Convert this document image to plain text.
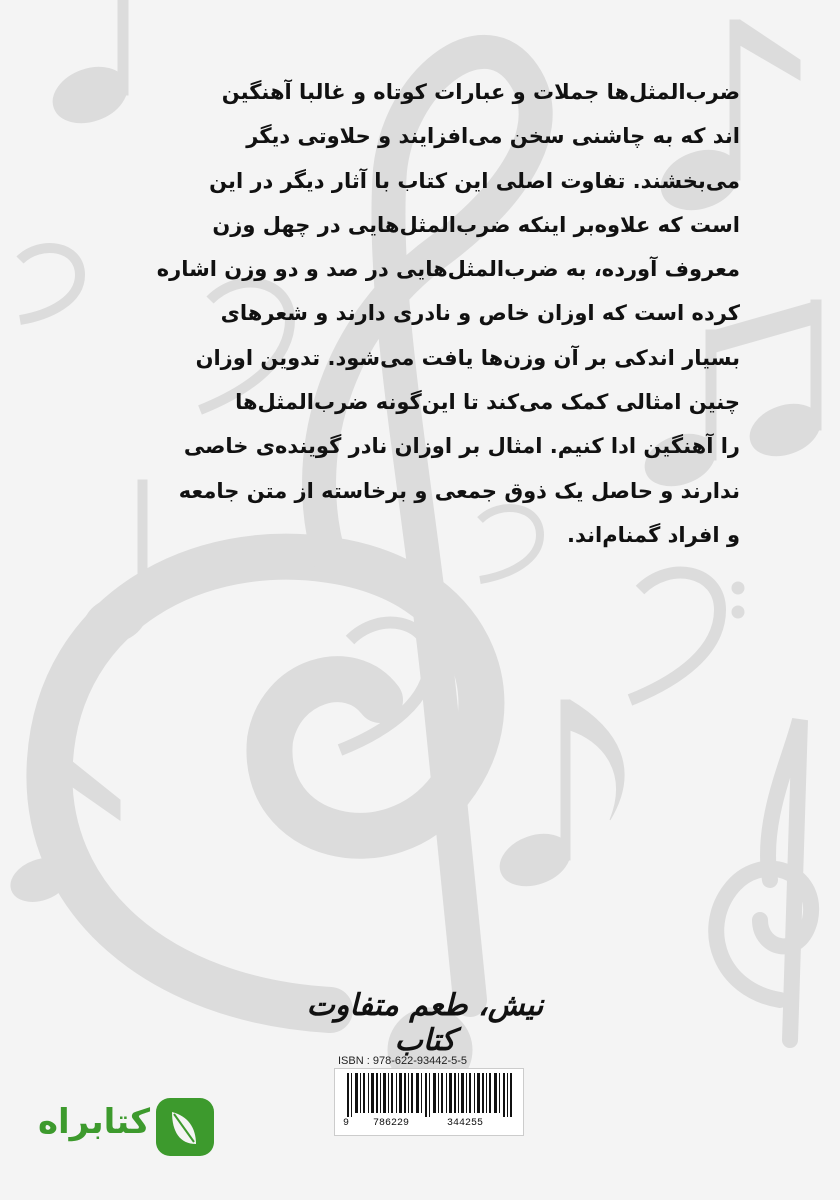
ضرب‌المثل‌ها جملات و عبارات کوتاه و غالبا آهنگین

اند که به چاشنی سخن می‌افزایند و حلاوتی دیگر

می‌بخشند. تفاوت اصلی این کتاب با آثار دیگر در این

است که علاوه‌بر اینکه ضرب‌المثل‌هایی در چهل وزن

معروف آورده، به ضرب‌المثل‌هایی در صد و دو وزن اشاره

کرده است که اوزان خاص و نادری دارند و شعرهای

بسیار اندکی بر آن وزن‌ها یافت می‌شود. تدوین اوزان

چنین امثالی کمک می‌کند تا این‌گونه ضرب‌المثل‌ها

را آهنگین ادا کنیم. امثال بر اوزان نادر گوینده‌ی خاصی

ندارند و حاصل یک ذوق جمعی و برخاسته از متن جامعه

و افراد گمنام‌اند.

نیش، طعم متفاوت کتاب
ISBN : 978-622-93442-5-5
9 786229	344255
کتابراه
